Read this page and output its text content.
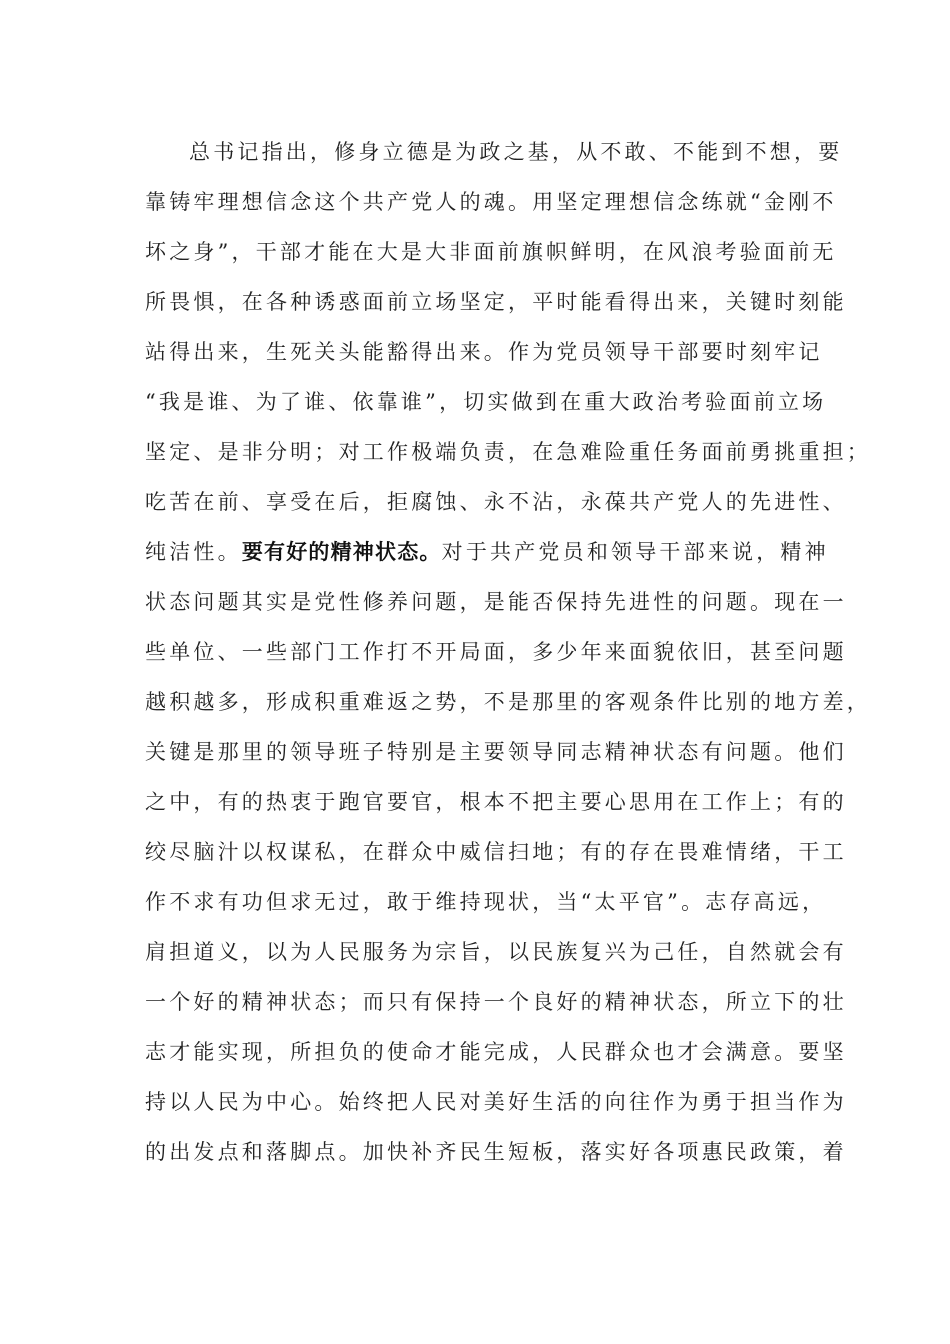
总书记指出，修身立德是为政之基，从不敢、不能到不想，要
靠铸牢理想信念这个共产党人的魂。用坚定理想信念练就“金刚不
坏之身”，干部才能在大是大非面前旗帜鲜明，在风浪考验面前无
所畏惧，在各种诱惑面前立场坚定，平时能看得出来，关键时刻能
站得出来，生死关头能豁得出来。作为党员领导干部要时刻牢记
“我是谁、为了谁、依靠谁”，切实做到在重大政治考验面前立场
坚定、是非分明；对工作极端负责，在急难险重任务面前勇挑重担；
吃苦在前、享受在后，拒腐蚀、永不沾，永葆共产党人的先进性、
纯洁性。要有好的精神状态。对于共产党员和领导干部来说，精神
状态问题其实是党性修养问题，是能否保持先进性的问题。现在一
些单位、一些部门工作打不开局面，多少年来面貌依旧，甚至问题
越积越多，形成积重难返之势，不是那里的客观条件比别的地方差，
关键是那里的领导班子特别是主要领导同志精神状态有问题。他们
之中，有的热衷于跑官要官，根本不把主要心思用在工作上；有的
绞尽脑汁以权谋私，在群众中威信扫地；有的存在畏难情绪，干工
作不求有功但求无过，敢于维持现状，当“太平官”。志存高远，
肩担道义，以为人民服务为宗旨，以民族复兴为己任，自然就会有
一个好的精神状态；而只有保持一个良好的精神状态，所立下的壮
志才能实现，所担负的使命才能完成，人民群众也才会满意。要坚
持以人民为中心。始终把人民对美好生活的向往作为勇于担当作为
的出发点和落脚点。加快补齐民生短板，落实好各项惠民政策，着
